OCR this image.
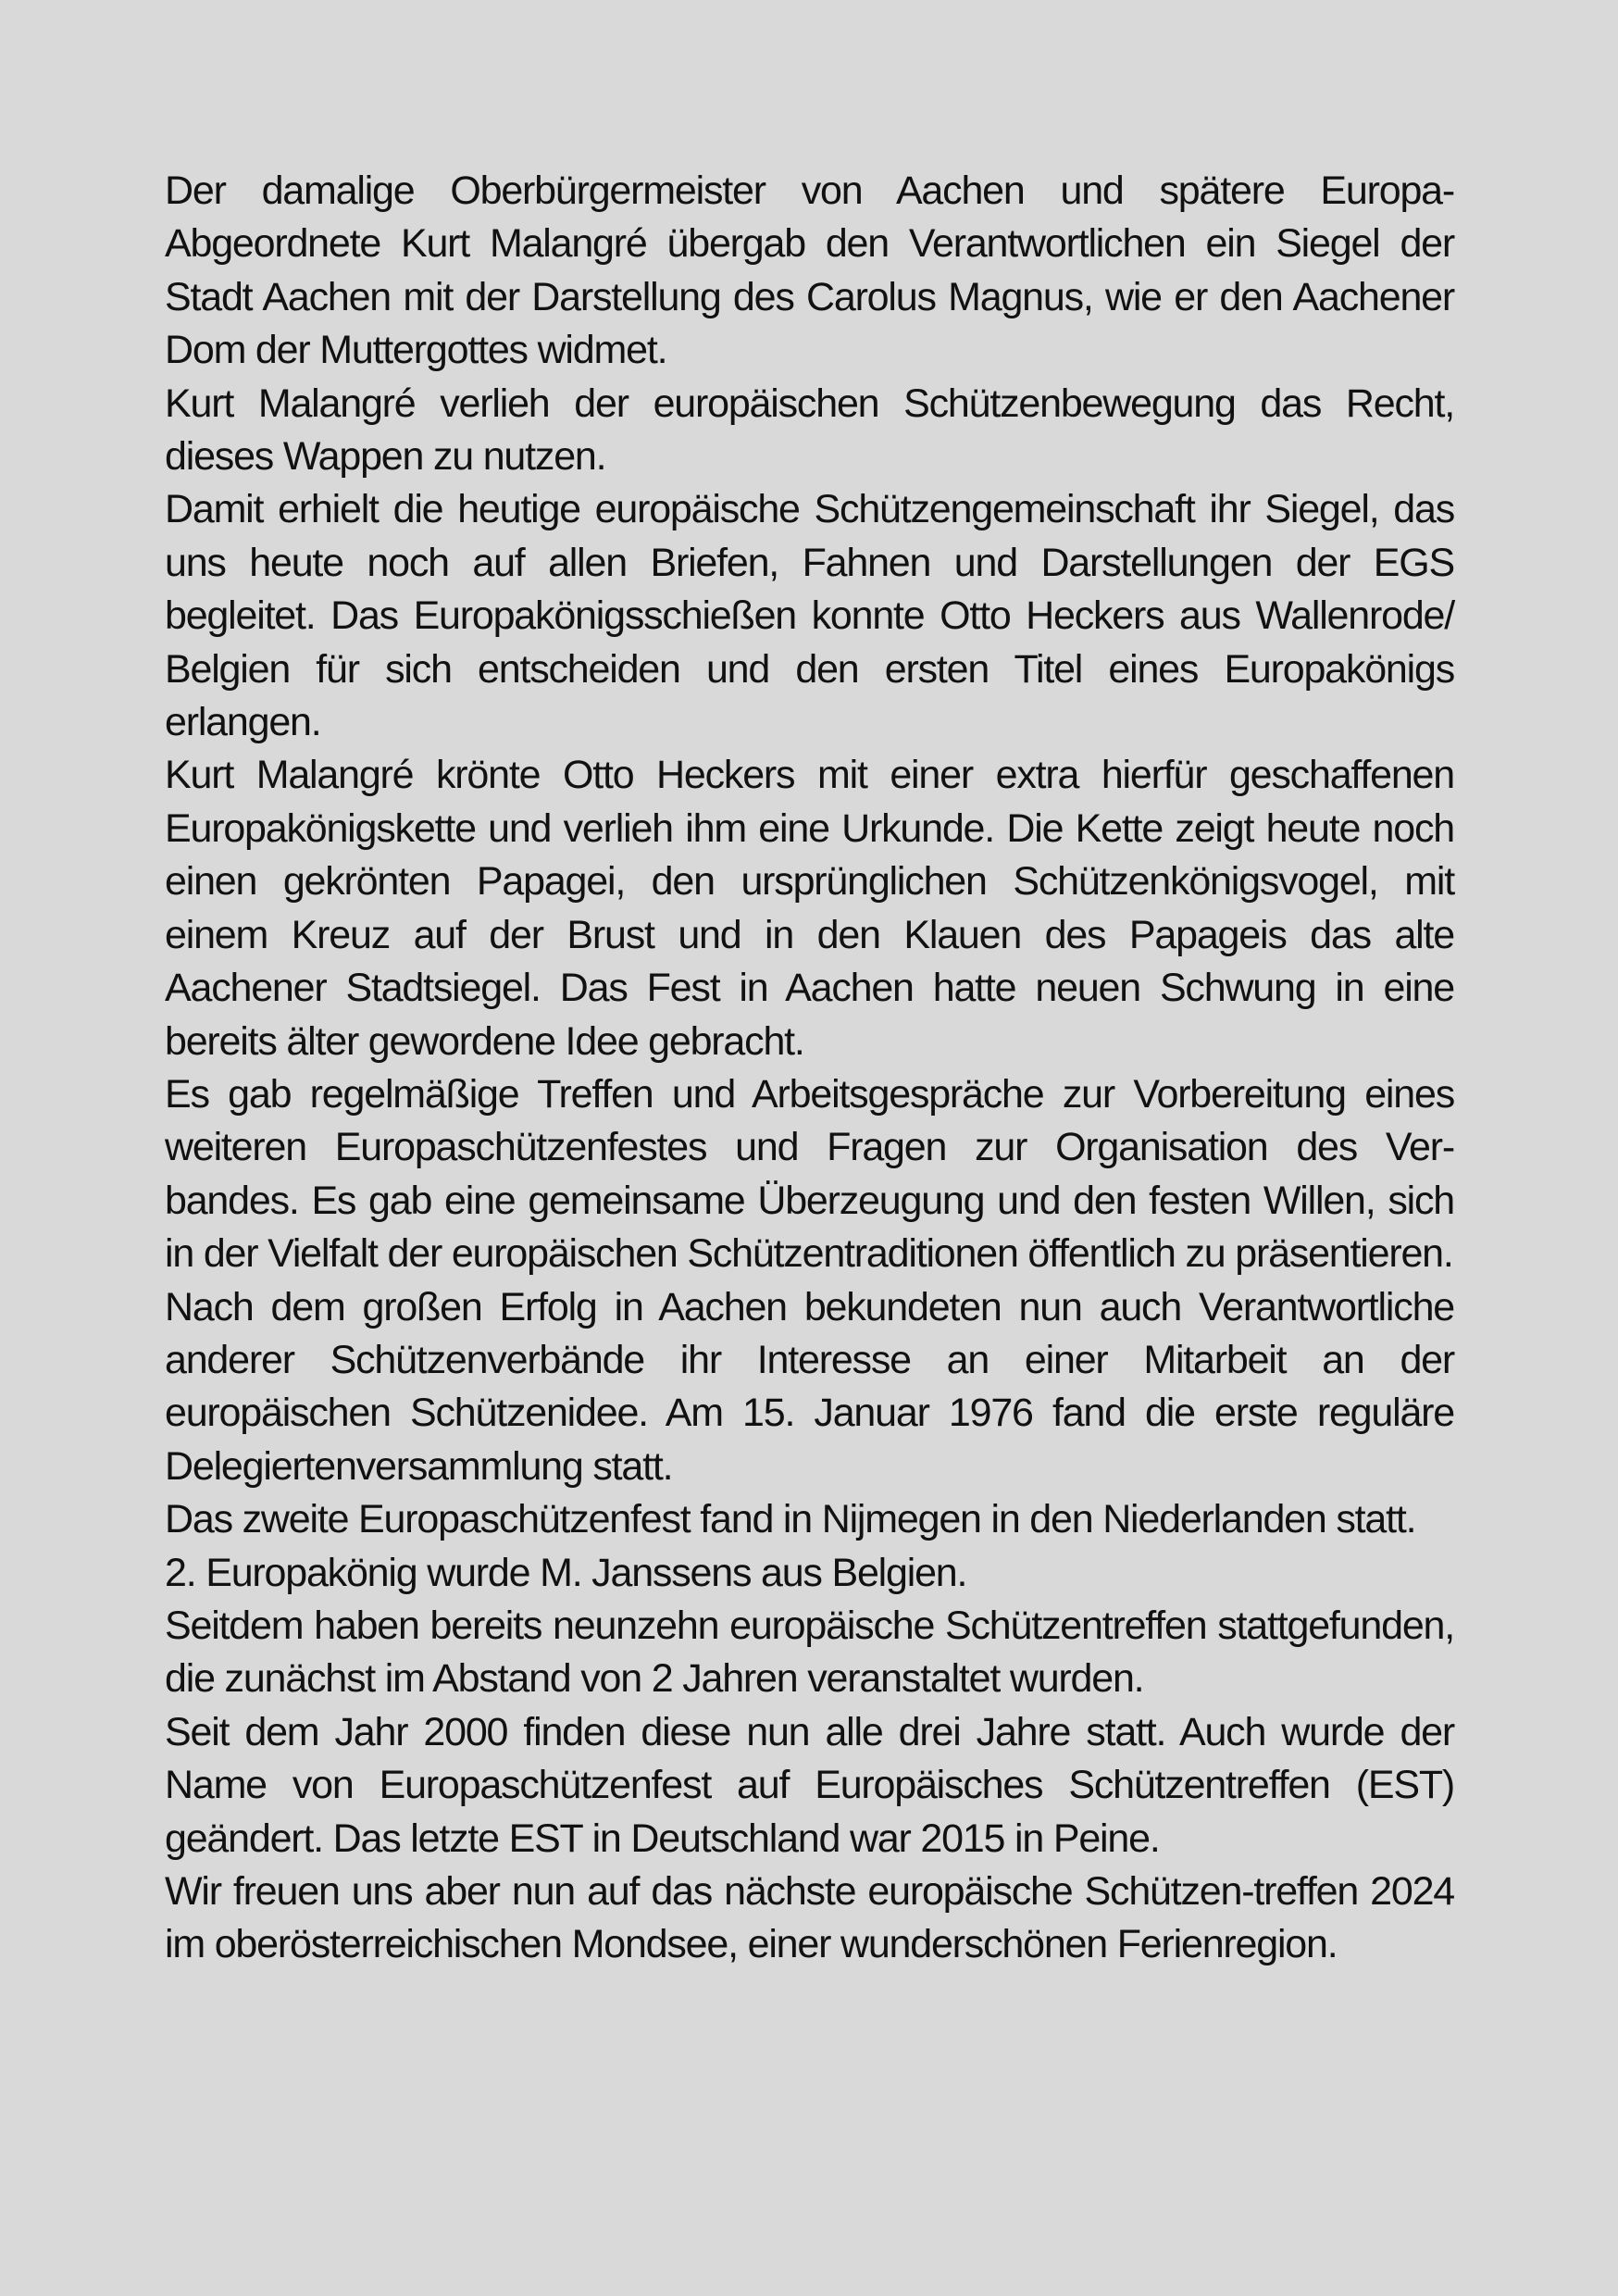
Der damalige Oberbürgermeister von Aachen und spätere Europa-Abgeordnete Kurt Malangré übergab den Verantwortlichen ein Siegel der Stadt Aachen mit der Darstellung des Carolus Magnus, wie er den Aachener Dom der Muttergottes widmet.

Kurt Malangré verlieh der europäischen Schützenbewegung das Recht, dieses Wappen zu nutzen.

Damit erhielt die heutige europäische Schützengemeinschaft ihr Siegel, das uns heute noch auf allen Briefen, Fahnen und Darstellungen der EGS begleitet. Das Europakönigsschießen konnte Otto Heckers aus Wallenrode/ Belgien für sich entscheiden und den ersten Titel eines Europakönigs erlangen.

Kurt Malangré krönte Otto Heckers mit einer extra hierfür geschaffenen Europakönigskette und verlieh ihm eine Urkunde. Die Kette zeigt heute noch einen gekrönten Papagei, den ursprünglichen Schützenkönigsvogel, mit einem Kreuz auf der Brust und in den Klauen des Papageis das alte Aachener Stadtsiegel. Das Fest in Aachen hatte neuen Schwung in eine bereits älter gewordene Idee gebracht.

Es gab regelmäßige Treffen und Arbeitsgespräche zur Vorbereitung eines weiteren Europaschützenfestes und Fragen zur Organisation des Ver-bandes. Es gab eine gemeinsame Überzeugung und den festen Willen, sich in der Vielfalt der europäischen Schützentraditionen öffentlich zu präsentieren.

Nach dem großen Erfolg in Aachen bekundeten nun auch Verantwortliche anderer Schützenverbände ihr Interesse an einer Mitarbeit an der europäischen Schützenidee. Am 15. Januar 1976 fand die erste reguläre Delegiertenversammlung statt.

Das zweite Europaschützenfest fand in Nijmegen in den Niederlanden statt.

2. Europakönig wurde M. Janssens aus Belgien.

Seitdem haben bereits neunzehn europäische Schützentreffen stattgefunden, die zunächst im Abstand von 2 Jahren veranstaltet wurden.

Seit dem Jahr 2000 finden diese nun alle drei Jahre statt. Auch wurde der Name von Europaschützenfest auf Europäisches Schützentreffen (EST) geändert. Das letzte EST in Deutschland war 2015 in Peine.

Wir freuen uns aber nun auf das nächste europäische Schützen-treffen 2024 im oberösterreichischen Mondsee, einer wunderschönen Ferienregion.
